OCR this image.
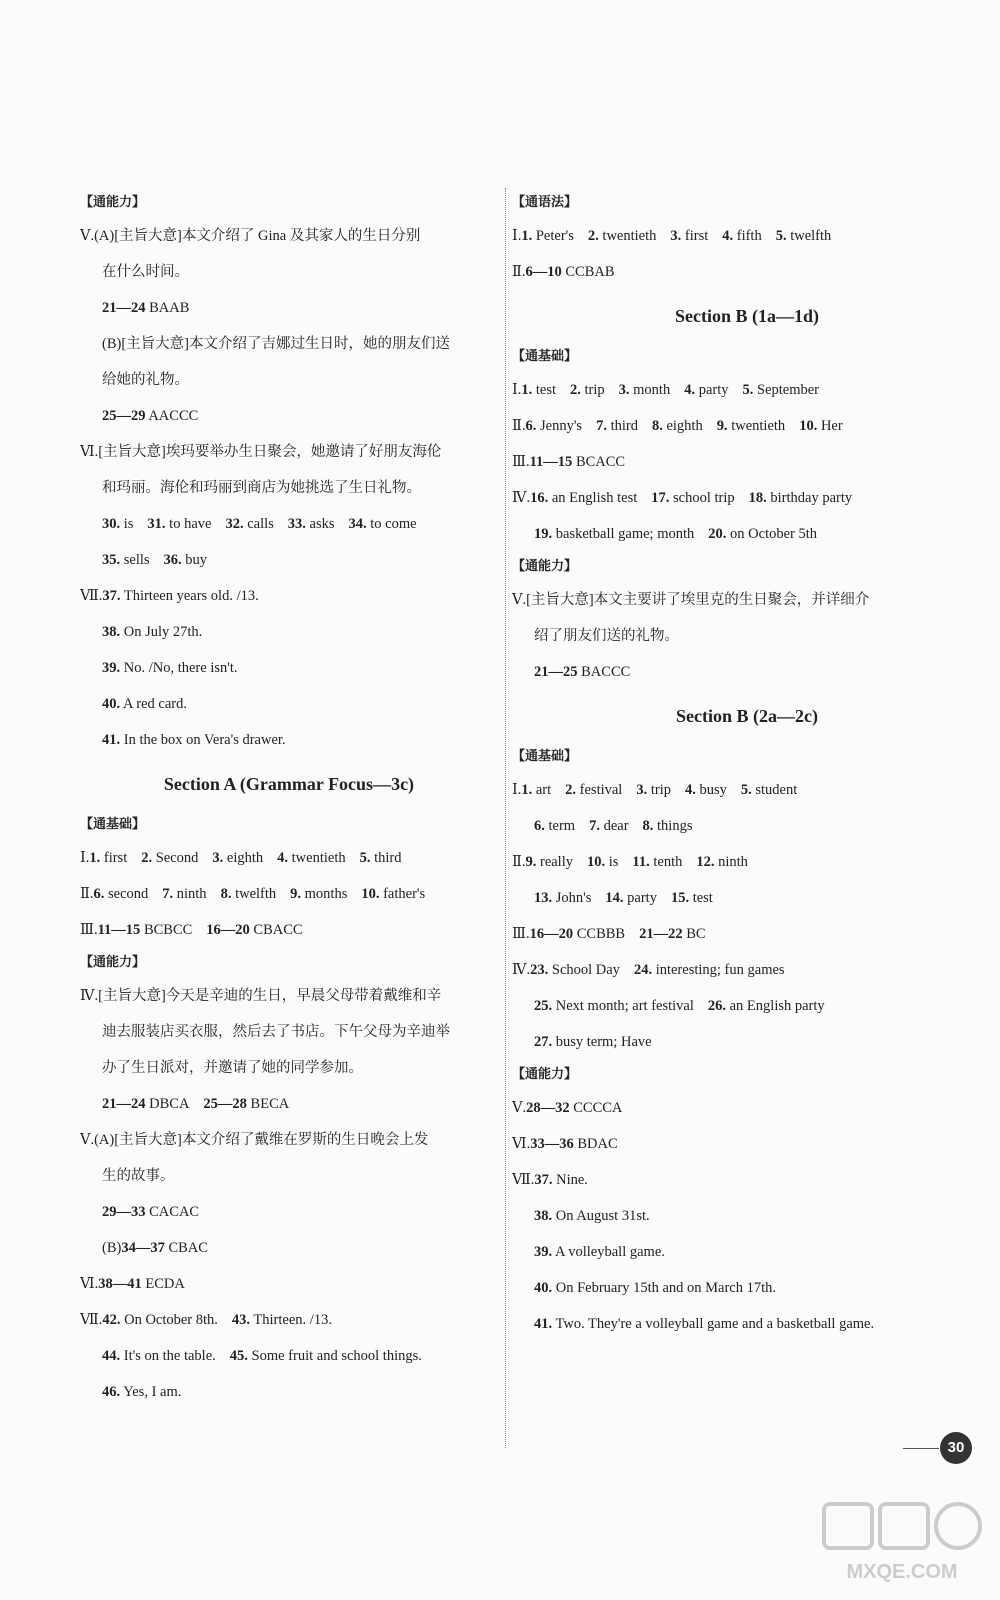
【通能力】
Ⅴ.(A)[主旨大意]本文介绍了 Gina 及其家人的生日分别
在什么时间。
21—24 BAAB
(B)[主旨大意]本文介绍了吉娜过生日时，她的朋友们送
给她的礼物。
25—29 AACCC
Ⅵ.[主旨大意]埃玛要举办生日聚会，她邀请了好朋友海伦
和玛丽。海伦和玛丽到商店为她挑选了生日礼物。
30. is 31. to have 32. calls 33. asks 34. to come
35. sells 36. buy
Ⅶ.37. Thirteen years old. /13.
38. On July 27th.
39. No. /No, there isn't.
40. A red card.
41. In the box on Vera's drawer.
Section A (Grammar Focus—3c)
【通基础】
Ⅰ.1. first 2. Second 3. eighth 4. twentieth 5. third
Ⅱ.6. second 7. ninth 8. twelfth 9. months 10. father's
Ⅲ.11—15 BCBCC 16—20 CBACC
【通能力】
Ⅳ.[主旨大意]今天是辛迪的生日，早晨父母带着戴维和辛
迪去服装店买衣服，然后去了书店。下午父母为辛迪举
办了生日派对，并邀请了她的同学参加。
21—24 DBCA 25—28 BECA
Ⅴ.(A)[主旨大意]本文介绍了戴维在罗斯的生日晚会上发
生的故事。
29—33 CACAC
(B)34—37 CBAC
Ⅵ.38—41 ECDA
Ⅶ.42. On October 8th. 43. Thirteen. /13.
44. It's on the table. 45. Some fruit and school things.
46. Yes, I am.
【通语法】
Ⅰ.1. Peter's 2. twentieth 3. first 4. fifth 5. twelfth
Ⅱ.6—10 CCBAB
Section B (1a—1d)
【通基础】
Ⅰ.1. test 2. trip 3. month 4. party 5. September
Ⅱ.6. Jenny's 7. third 8. eighth 9. twentieth 10. Her
Ⅲ.11—15 BCACC
Ⅳ.16. an English test 17. school trip 18. birthday party
19. basketball game; month 20. on October 5th
【通能力】
Ⅴ.[主旨大意]本文主要讲了埃里克的生日聚会，并详细介
绍了朋友们送的礼物。
21—25 BACCC
Section B (2a—2c)
【通基础】
Ⅰ.1. art 2. festival 3. trip 4. busy 5. student
6. term 7. dear 8. things
Ⅱ.9. really 10. is 11. tenth 12. ninth
13. John's 14. party 15. test
Ⅲ.16—20 CCBBB 21—22 BC
Ⅳ.23. School Day 24. interesting; fun games
25. Next month; art festival 26. an English party
27. busy term; Have
【通能力】
Ⅴ.28—32 CCCCA
Ⅵ.33—36 BDAC
Ⅶ.37. Nine.
38. On August 31st.
39. A volleyball game.
40. On February 15th and on March 17th.
41. Two. They're a volleyball game and a basketball game.
30
MXQE.COM
